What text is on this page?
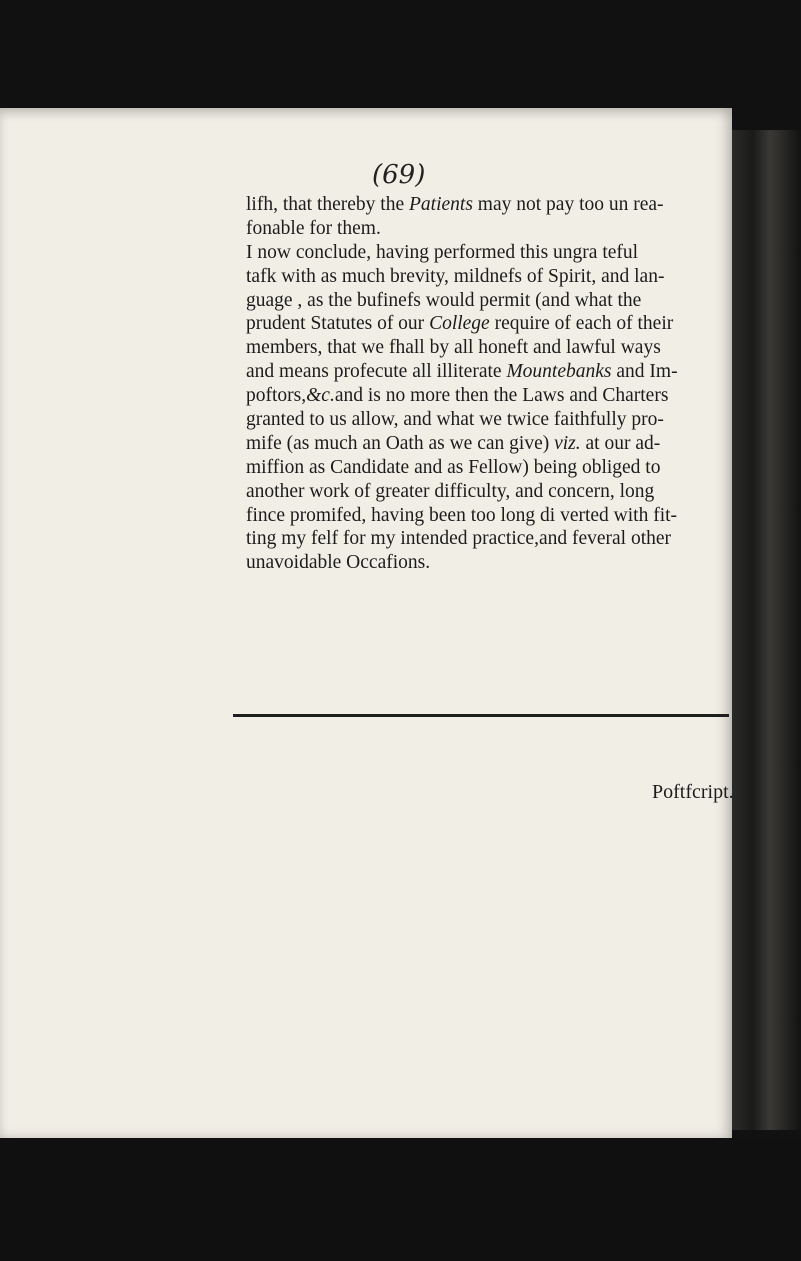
(69)

lifh, that thereby the Patients may not pay too un rea-
fonable for them.
I now conclude, having performed this ungra teful
tafk with as much brevity, mildnefs of Spirit, and lan-
guage , as the bufinefs would permit (and what the
prudent Statutes of our College require of each of their
members, that we fhall by all honeft and lawful ways
and means profecute all illiterate Mountebanks and Im-
poftors,&c.and is no more then the Laws and Charters
granted to us allow, and what we twice faithfully pro-
mife (as much an Oath as we can give) viz. at our ad-
miffion as Candidate and as Fellow) being obliged to
another work of greater difficulty, and concern, long
fince promifed, having been too long di verted with fit-
ting my felf for my intended practice,and feveral other
unavoidable Occafions.

Poftfcript.
